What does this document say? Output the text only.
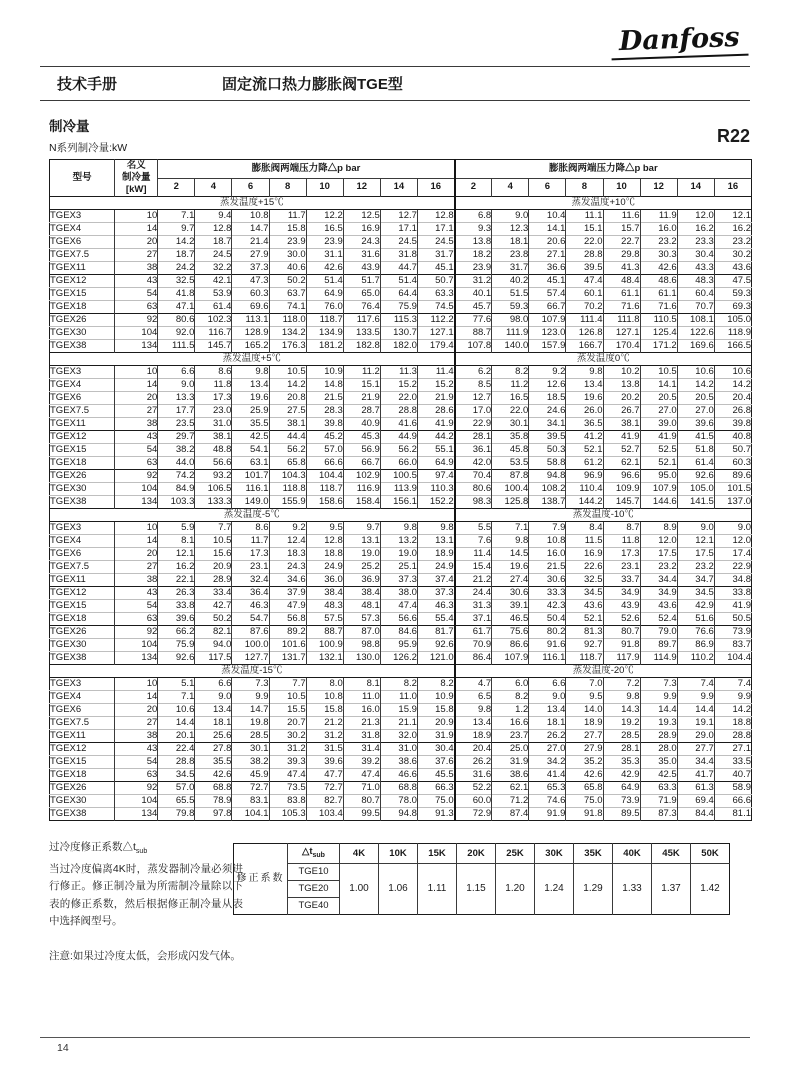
Danfoss
技术手册	固定流口热力膨胀阀TGE型
制冷量
N系列制冷量:kW
R22
型号	名义
制冷量
[kW]	膨胀阀两端压力降△p bar								膨胀阀两端压力降△p bar							
		2	4	6	8	10	12	14	16	2	4	6	8	10	12	14	16
蒸发温度+15℃										蒸发温度+10℃							
TGEX3	10	7.1	9.4	10.8	11.7	12.2	12.5	12.7	12.8	6.8	9.0	10.4	11.1	11.6	11.9	12.0	12.1
TGEX4	14	9.7	12.8	14.7	15.8	16.5	16.9	17.1	17.1	9.3	12.3	14.1	15.1	15.7	16.0	16.2	16.2
TGEX6	20	14.2	18.7	21.4	23.9	23.9	24.3	24.5	24.5	13.8	18.1	20.6	22.0	22.7	23.2	23.3	23.2
TGEX7.5	27	18.7	24.5	27.9	30.0	31.1	31.6	31.8	31.7	18.2	23.8	27.1	28.8	29.8	30.3	30.4	30.2
TGEX11	38	24.2	32.2	37.3	40.6	42.6	43.9	44.7	45.1	23.9	31.7	36.6	39.5	41.3	42.6	43.3	43.6
TGEX12	43	32.5	42.1	47.3	50.2	51.4	51.7	51.4	50.7	31.2	40.2	45.1	47.4	48.4	48.6	48.3	47.5
TGEX15	54	41.8	53.9	60.3	63.7	64.9	65.0	64.4	63.3	40.1	51.5	57.4	60.1	61.1	61.1	60.4	59.3
TGEX18	63	47.1	61.4	69.6	74.1	76.0	76.4	75.9	74.5	45.7	59.3	66.7	70.2	71.6	71.6	70.7	69.3
TGEX26	92	80.6	102.3	113.1	118.0	118.7	117.6	115.3	112.2	77.6	98.0	107.9	111.4	111.8	110.5	108.1	105.0
TGEX30	104	92.0	116.7	128.9	134.2	134.9	133.5	130.7	127.1	88.7	111.9	123.0	126.8	127.1	125.4	122.6	118.9
TGEX38	134	111.5	145.7	165.2	176.3	181.2	182.8	182.0	179.4	107.8	140.0	157.9	166.7	170.4	171.2	169.6	166.5
蒸发温度+5℃										蒸发温度0℃							
TGEX3	10	6.6	8.6	9.8	10.5	10.9	11.2	11.3	11.4	6.2	8.2	9.2	9.8	10.2	10.5	10.6	10.6
TGEX4	14	9.0	11.8	13.4	14.2	14.8	15.1	15.2	15.2	8.5	11.2	12.6	13.4	13.8	14.1	14.2	14.2
TGEX6	20	13.3	17.3	19.6	20.8	21.5	21.9	22.0	21.9	12.7	16.5	18.5	19.6	20.2	20.5	20.5	20.4
TGEX7.5	27	17.7	23.0	25.9	27.5	28.3	28.7	28.8	28.6	17.0	22.0	24.6	26.0	26.7	27.0	27.0	26.8
TGEX11	38	23.5	31.0	35.5	38.1	39.8	40.9	41.6	41.9	22.9	30.1	34.1	36.5	38.1	39.0	39.6	39.8
TGEX12	43	29.7	38.1	42.5	44.4	45.2	45.3	44.9	44.2	28.1	35.8	39.5	41.2	41.9	41.9	41.5	40.8
TGEX15	54	38.2	48.8	54.1	56.2	57.0	56.9	56.2	55.1	36.1	45.8	50.3	52.1	52.7	52.5	51.8	50.7
TGEX18	63	44.0	56.6	63.1	65.8	66.6	66.7	66.0	64.9	42.0	53.5	58.8	61.2	62.1	52.1	61.4	60.3
TGEX26	92	74.2	93.2	101.7	104.3	104.4	102.9	100.5	97.4	70.4	87.8	94.8	96.9	96.6	95.0	92.6	89.6
TGEX30	104	84.9	106.5	116.1	118.8	118.7	116.9	113.9	110.3	80.6	100.4	108.2	110.4	109.9	107.9	105.0	101.5
TGEX38	134	103.3	133.3	149.0	155.9	158.6	158.4	156.1	152.2	98.3	125.8	138.7	144.2	145.7	144.6	141.5	137.0
蒸发温度-5℃										蒸发温度-10℃							
TGEX3	10	5.9	7.7	8.6	9.2	9.5	9.7	9.8	9.8	5.5	7.1	7.9	8.4	8.7	8.9	9.0	9.0
TGEX4	14	8.1	10.5	11.7	12.4	12.8	13.1	13.2	13.1	7.6	9.8	10.8	11.5	11.8	12.0	12.1	12.0
TGEX6	20	12.1	15.6	17.3	18.3	18.8	19.0	19.0	18.9	11.4	14.5	16.0	16.9	17.3	17.5	17.5	17.4
TGEX7.5	27	16.2	20.9	23.1	24.3	24.9	25.2	25.1	24.9	15.4	19.6	21.5	22.6	23.1	23.2	23.2	22.9
TGEX11	38	22.1	28.9	32.4	34.6	36.0	36.9	37.3	37.4	21.2	27.4	30.6	32.5	33.7	34.4	34.7	34.8
TGEX12	43	26.3	33.4	36.4	37.9	38.4	38.4	38.0	37.3	24.4	30.6	33.3	34.5	34.9	34.9	34.5	33.8
TGEX15	54	33.8	42.7	46.3	47.9	48.3	48.1	47.4	46.3	31.3	39.1	42.3	43.6	43.9	43.6	42.9	41.9
TGEX18	63	39.6	50.2	54.7	56.8	57.5	57.3	56.6	55.4	37.1	46.5	50.4	52.1	52.6	52.4	51.6	50.5
TGEX26	92	66.2	82.1	87.6	89.2	88.7	87.0	84.6	81.7	61.7	75.6	80.2	81.3	80.7	79.0	76.6	73.9
TGEX30	104	75.9	94.0	100.0	101.6	100.9	98.8	95.9	92.6	70.9	86.6	91.6	92.7	91.8	89.7	86.9	83.7
TGEX38	134	92.6	117.5	127.7	131.7	132.1	130.0	126.2	121.0	86.4	107.9	116.1	118.7	117.9	114.9	110.2	104.4
蒸发温度-15℃										蒸发温度-20℃							
TGEX3	10	5.1	6.6	7.3	7.7	8.0	8.1	8.2	8.2	4.7	6.0	6.6	7.0	7.2	7.3	7.4	7.4
TGEX4	14	7.1	9.0	9.9	10.5	10.8	11.0	11.0	10.9	6.5	8.2	9.0	9.5	9.8	9.9	9.9	9.9
TGEX6	20	10.6	13.4	14.7	15.5	15.8	16.0	15.9	15.8	9.8	1.2	13.4	14.0	14.3	14.4	14.4	14.2
TGEX7.5	27	14.4	18.1	19.8	20.7	21.2	21.3	21.1	20.9	13.4	16.6	18.1	18.9	19.2	19.3	19.1	18.8
TGEX11	38	20.1	25.6	28.5	30.2	31.2	31.8	32.0	31.9	18.9	23.7	26.2	27.7	28.5	28.9	29.0	28.8
TGEX12	43	22.4	27.8	30.1	31.2	31.5	31.4	31.0	30.4	20.4	25.0	27.0	27.9	28.1	28.0	27.7	27.1
TGEX15	54	28.8	35.5	38.2	39.3	39.6	39.2	38.6	37.6	26.2	31.9	34.2	35.2	35.3	35.0	34.4	33.5
TGEX18	63	34.5	42.6	45.9	47.4	47.7	47.4	46.6	45.5	31.6	38.6	41.4	42.6	42.9	42.5	41.7	40.7
TGEX26	92	57.0	68.8	72.7	73.5	72.7	71.0	68.8	66.3	52.2	62.1	65.3	65.8	64.9	63.3	61.3	58.9
TGEX30	104	65.5	78.9	83.1	83.8	82.7	80.7	78.0	75.0	60.0	71.2	74.6	75.0	73.9	71.9	69.4	66.6
TGEX38	134	79.8	97.8	104.1	105.3	103.4	99.5	94.8	91.3	72.9	87.4	91.9	91.8	89.5	87.3	84.4	81.1
过冷度修正系数$\triangle t_{sub}$
当过冷度偏离4K时，蒸发器制冷量必须进行修正。修正制冷量为所需制冷量除以下表的修正系数，然后根据修正制冷量从表中选择阀型号。
注意:如果过冷度太低，会形成闪发气体。
修正系数	$\triangle t_{sub}$	4K	10K	15K	20K	25K	30K	35K	40K	45K	50K
	TGE10	1.00	1.06	1.11	1.15	1.20	1.24	1.29	1.33	1.37	1.42
	TGE20										
	TGE40										
14
